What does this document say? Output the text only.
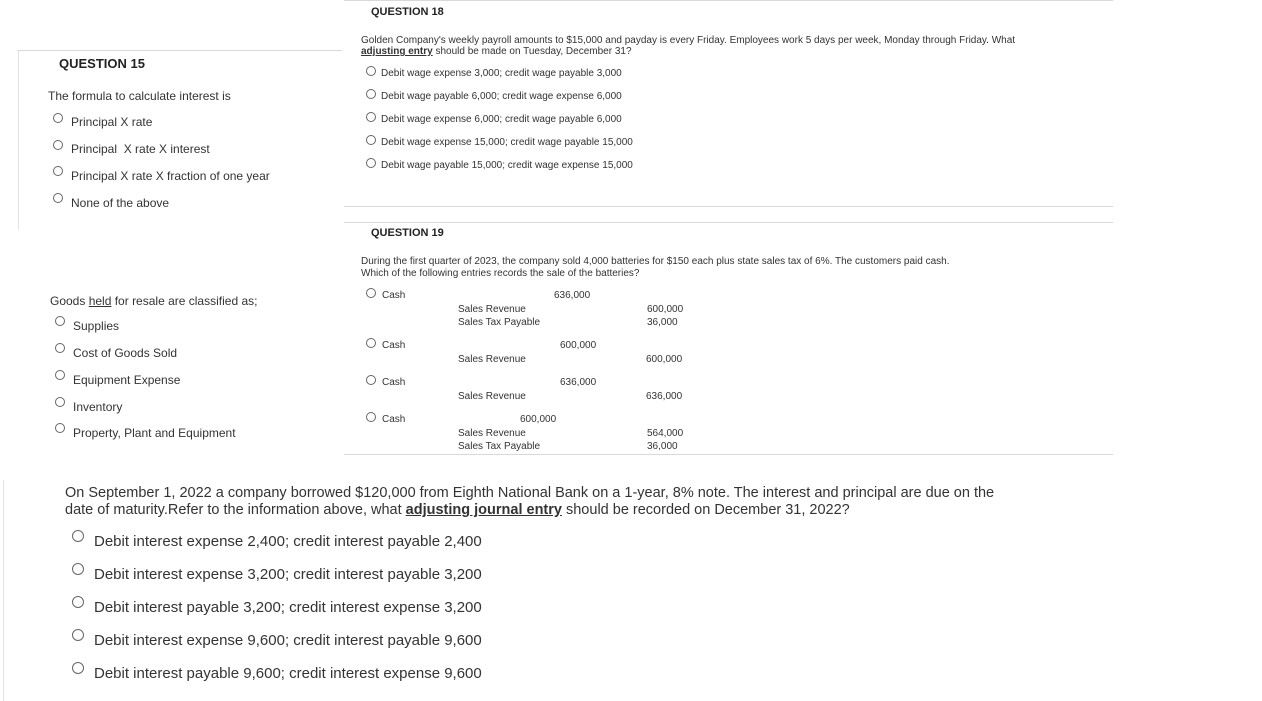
QUESTION 15
The formula to calculate interest is
Principal X rate
Principal  X rate X interest
Principal X rate X fraction of one year
None of the above
Goods held for resale are classified as;
Supplies
Cost of Goods Sold
Equipment Expense
Inventory
Property, Plant and Equipment
QUESTION 18
Golden Company's weekly payroll amounts to $15,000 and payday is every Friday. Employees work 5 days per week, Monday through Friday. What
adjusting entry should be made on Tuesday, December 31?
Debit wage expense 3,000; credit wage payable 3,000
Debit wage payable 6,000; credit wage expense 6,000
Debit wage expense 6,000; credit wage payable 6,000
Debit wage expense 15,000; credit wage payable 15,000
Debit wage payable 15,000; credit wage expense 15,000
QUESTION 19
During the first quarter of 2023, the company sold 4,000 batteries for $150 each plus state sales tax of 6%. The customers paid cash.
Which of the following entries records the sale of the batteries?
Cash	636,000
Sales Revenue	600,000
Sales Tax Payable	36,000
Cash	600,000
Sales Revenue	600,000
Cash	636,000
Sales Revenue	636,000
Cash	600,000
Sales Revenue	564,000
Sales Tax Payable	36,000
On September 1, 2022 a company borrowed $120,000 from Eighth National Bank on a 1-year, 8% note. The interest and principal are due on the
date of maturity.Refer to the information above, what adjusting journal entry should be recorded on December 31, 2022?
Debit interest expense 2,400; credit interest payable 2,400
Debit interest expense 3,200; credit interest payable 3,200
Debit interest payable 3,200; credit interest expense 3,200
Debit interest expense 9,600; credit interest payable 9,600
Debit interest payable 9,600; credit interest expense 9,600
